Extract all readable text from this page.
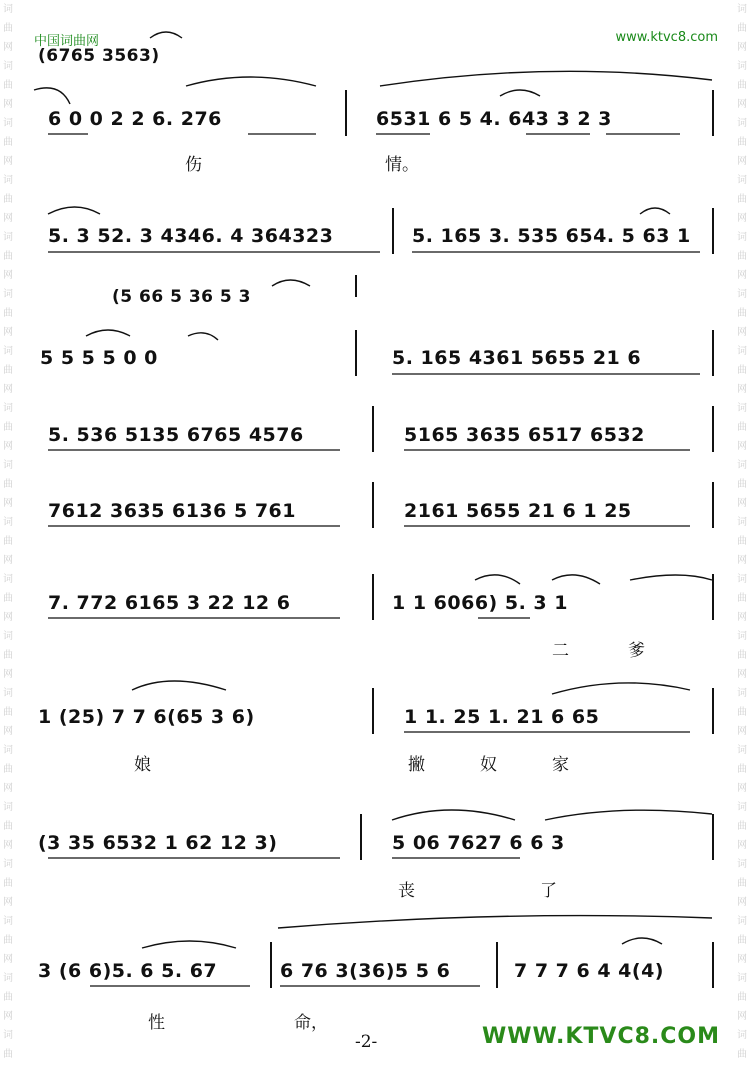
中国词曲网	www.ktvc8.com
词
曲
网
词
曲
网
词
曲
网
词
曲
网
词
曲
网
词
曲
网
词
曲
网
词
曲
网
词
曲
网
词
曲
网
词
曲
网
词
曲
网
词
曲
网
词
曲
网
词
曲
网
词
曲
网
词
曲
网
词
曲
网
词
曲

词
曲
网
词
曲
网
词
曲
网
词
曲
网
词
曲
网
词
曲
网
词
曲
网
词
曲
网
词
曲
网
词
曲
网
词
曲
网
词
曲
网
词
曲
网
词
曲
网
词
曲
网
词
曲
网
词
曲
网
词
曲
网
词
曲

(6765 3563)
6 0 0 2 2 6. 276	6531 6 5 4. 643 3 2 3
伤	情。
5. 3 52. 3 4346. 4 364323	5. 165 3. 535 654. 5 63 1
(5 66 5 36 5 3
5 5 5 5 0 0	5. 165 4361 5655 21 6
5. 536 5135 6765 4576	5165 3635 6517 6532
7612 3635 6136 5 761	2161 5655 21 6 1 25
7. 772 6165 3 22 12 6	1 1 6066) 5. 3 1
二	爹
1 (25) 7 7 6(65 3 6)	1 1. 25 1. 21 6 65
娘	撇	奴	家
(3 35 6532 1 62 12 3)	5 06 7627 6 6 3
丧	了
3 (6 6)5. 6 5. 67	6 76 3(36)5 5 6	7 7 7 6 4 4(4)
性	命，
-2-	WWW.KTVC8.COM
